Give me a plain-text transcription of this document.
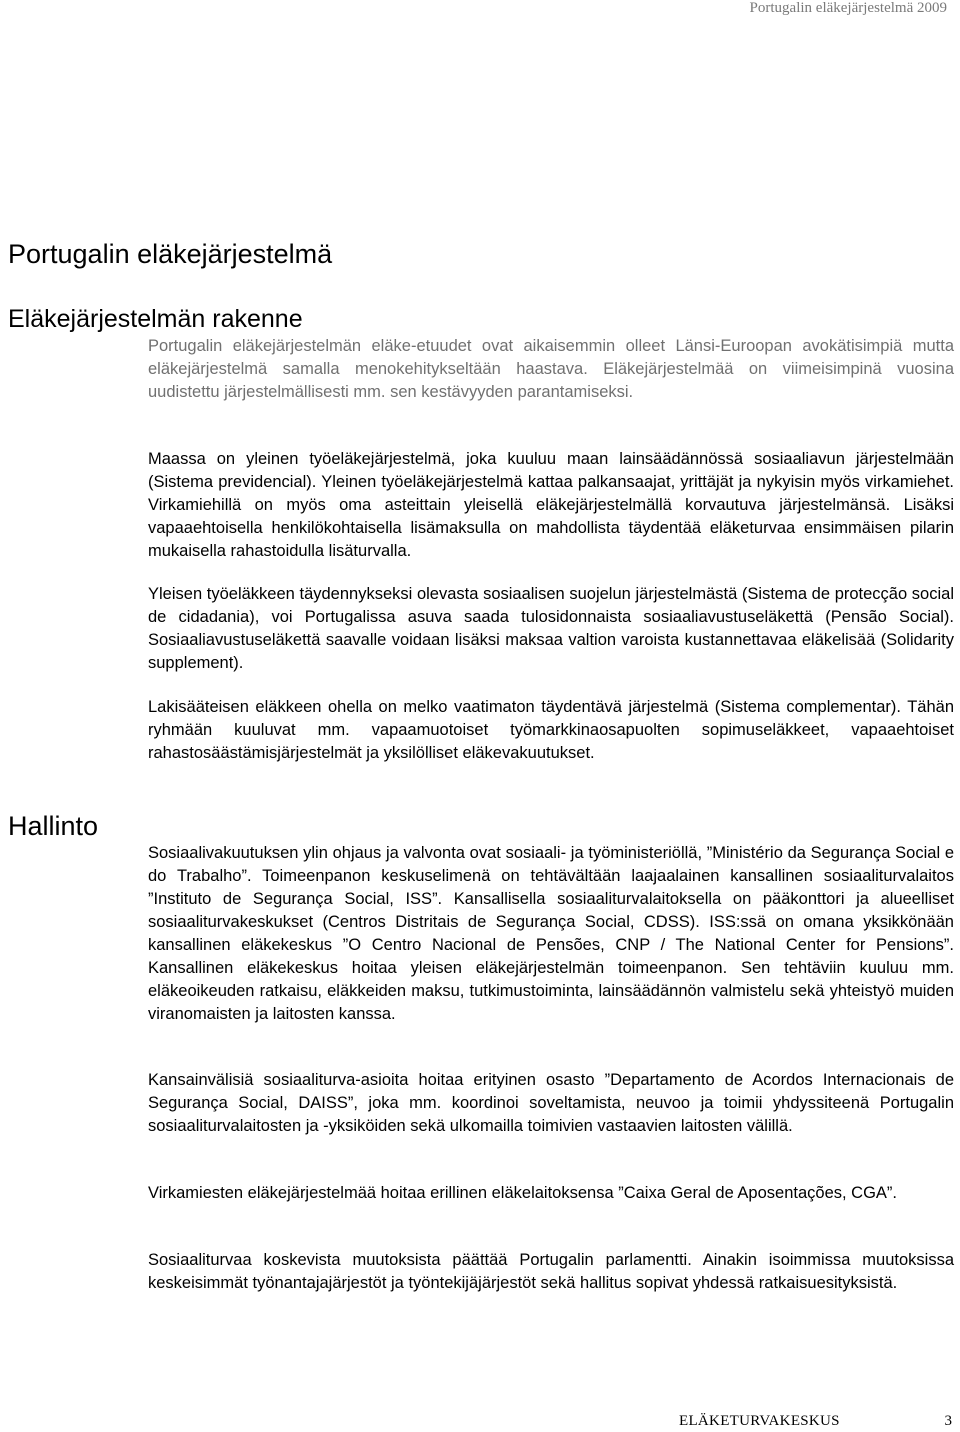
Portugalin eläkejärjestelmä 2009
Portugalin eläkejärjestelmä
Eläkejärjestelmän rakenne

Portugalin eläkejärjestelmän eläke-etuudet ovat aikaisemmin olleet Länsi-Euroopan avokätisimpiä mutta eläkejärjestelmä samalla menokehitykseltään haastava. Eläkejärjestelmää on viimeisimpinä vuosina uudistettu järjestelmällisesti mm. sen kestävyyden parantamiseksi.

Maassa on yleinen työeläkejärjestelmä, joka kuuluu maan lainsäädännössä sosiaaliavun järjestelmään (Sistema previdencial). Yleinen työeläkejärjestelmä kattaa palkansaajat, yrittäjät ja nykyisin myös virkamiehet. Virkamiehillä on myös oma asteittain yleisellä eläkejärjestelmällä korvautuva järjestelmänsä. Lisäksi vapaaehtoisella henkilökohtaisella lisämaksulla on mahdollista täydentää eläketurvaa ensimmäisen pilarin mukaisella rahastoidulla lisäturvalla.

Yleisen työeläkkeen täydennykseksi olevasta sosiaalisen suojelun järjestelmästä (Sistema de protecção social de cidadania), voi Portugalissa asuva saada tulosidonnaista sosiaaliavustuseläkettä (Pensão Social). Sosiaaliavustuseläkettä saavalle voidaan lisäksi maksaa valtion varoista kustannettavaa eläkelisää (Solidarity supplement).

Lakisääteisen eläkkeen ohella on melko vaatimaton täydentävä järjestelmä (Sistema complementar). Tähän ryhmään kuuluvat mm. vapaamuotoiset työmarkkinaosapuolten sopimuseläkkeet, vapaaehtoiset rahastosäästämisjärjestelmät ja yksilölliset eläkevakuutukset.

Hallinto

Sosiaalivakuutuksen ylin ohjaus ja valvonta ovat sosiaali- ja työministeriöllä, ”Ministério da Segurança Social e do Trabalho”. Toimeenpanon keskuselimenä on tehtävältään laajaalainen kansallinen sosiaaliturvalaitos ”Instituto de Segurança Social, ISS”. Kansallisella sosiaaliturvalaitoksella on pääkonttori ja alueelliset sosiaaliturvakeskukset (Centros Distritais de Segurança Social, CDSS). ISS:ssä on omana yksikkönään kansallinen eläkekeskus ”O Centro Nacional de Pensões, CNP / The National Center for Pensions”. Kansallinen eläkekeskus hoitaa yleisen eläkejärjestelmän toimeenpanon. Sen tehtäviin kuuluu mm. eläkeoikeuden ratkaisu, eläkkeiden maksu, tutkimustoiminta, lainsäädännön valmistelu sekä yhteistyö muiden viranomaisten ja laitosten kanssa.

Kansainvälisiä sosiaaliturva-asioita hoitaa erityinen osasto ”Departamento de Acordos Internacionais de Segurança Social, DAISS”, joka mm. koordinoi soveltamista, neuvoo ja toimii yhdyssiteenä Portugalin sosiaaliturvalaitosten ja -yksiköiden sekä ulkomailla toimivien vastaavien laitosten välillä.

Virkamiesten eläkejärjestelmää hoitaa erillinen eläkelaitoksensa ”Caixa Geral de Aposentações, CGA”.

Sosiaaliturvaa koskevista muutoksista päättää Portugalin parlamentti. Ainakin isoimmissa muutoksissa keskeisimmät työnantajajärjestöt ja työntekijäjärjestöt sekä hallitus sopivat yhdessä ratkaisuesityksistä.

ELÄKETURVAKESKUS	3
